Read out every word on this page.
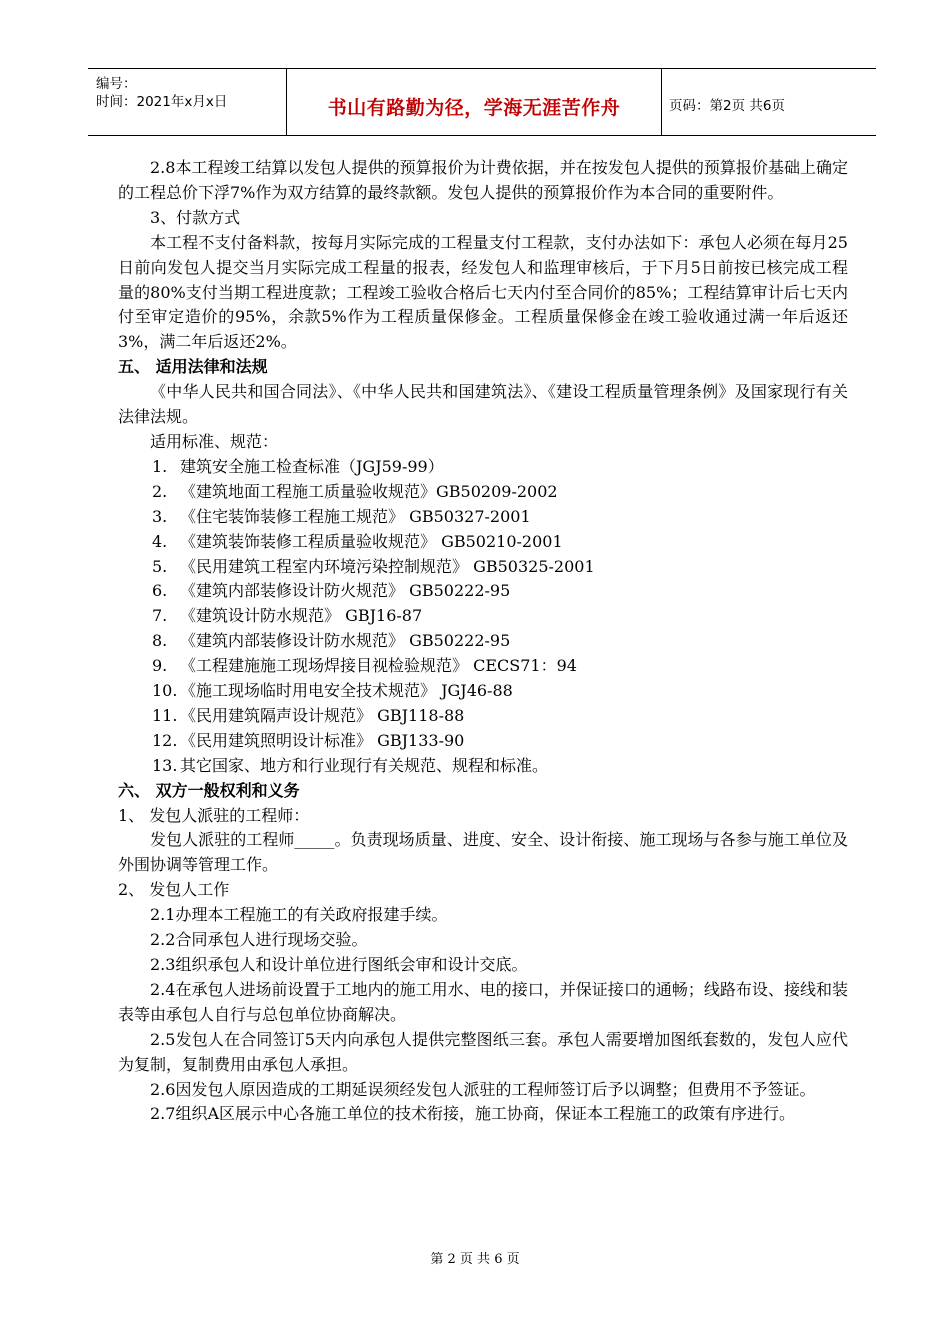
编号：
时间：2021年x月x日	书山有路勤为径，学海无涯苦作舟	页码：第2页 共6页

2.8本工程竣工结算以发包人提供的预算报价为计费依据，并在按发包人提供的预算报价基础上确定的工程总价下浮7%作为双方结算的最终款额。发包人提供的预算报价作为本合同的重要附件。

3、付款方式

本工程不支付备料款，按每月实际完成的工程量支付工程款，支付办法如下：承包人必须在每月25日前向发包人提交当月实际完成工程量的报表，经发包人和监理审核后，于下月5日前按已核完成工程量的80%支付当期工程进度款；工程竣工验收合格后七天内付至合同价的85%；工程结算审计后七天内付至审定造价的95%，余款5%作为工程质量保修金。工程质量保修金在竣工验收通过满一年后返还3%，满二年后返还2%。

五、 适用法律和法规

《中华人民共和国合同法》、《中华人民共和国建筑法》、《建设工程质量管理条例》及国家现行有关法律法规。

适用标准、规范：

1. 建筑安全施工检查标准（JGJ59-99）
2. 《建筑地面工程施工质量验收规范》GB50209-2002
3. 《住宅装饰装修工程施工规范》 GB50327-2001
4. 《建筑装饰装修工程质量验收规范》 GB50210-2001
5. 《民用建筑工程室内环境污染控制规范》 GB50325-2001
6. 《建筑内部装修设计防火规范》 GB50222-95
7. 《建筑设计防水规范》 GBJ16-87
8. 《建筑内部装修设计防水规范》 GB50222-95
9. 《工程建施施工现场焊接目视检验规范》 CECS71：94
10. 《施工现场临时用电安全技术规范》 JGJ46-88
11. 《民用建筑隔声设计规范》 GBJ118-88
12. 《民用建筑照明设计标准》 GBJ133-90
13. 其它国家、地方和行业现行有关规范、规程和标准。

六、 双方一般权利和义务

1、 发包人派驻的工程师：

发包人派驻的工程师_____。负责现场质量、进度、安全、设计衔接、施工现场与各参与施工单位及外围协调等管理工作。

2、 发包人工作

2.1办理本工程施工的有关政府报建手续。

2.2合同承包人进行现场交验。

2.3组织承包人和设计单位进行图纸会审和设计交底。

2.4在承包人进场前设置于工地内的施工用水、电的接口，并保证接口的通畅；线路布设、接线和装表等由承包人自行与总包单位协商解决。

2.5发包人在合同签订5天内向承包人提供完整图纸三套。承包人需要增加图纸套数的，发包人应代为复制，复制费用由承包人承担。

2.6因发包人原因造成的工期延误须经发包人派驻的工程师签订后予以调整；但费用不予签证。

2.7组织A区展示中心各施工单位的技术衔接，施工协商，保证本工程施工的政策有序进行。

第 2 页 共 6 页
